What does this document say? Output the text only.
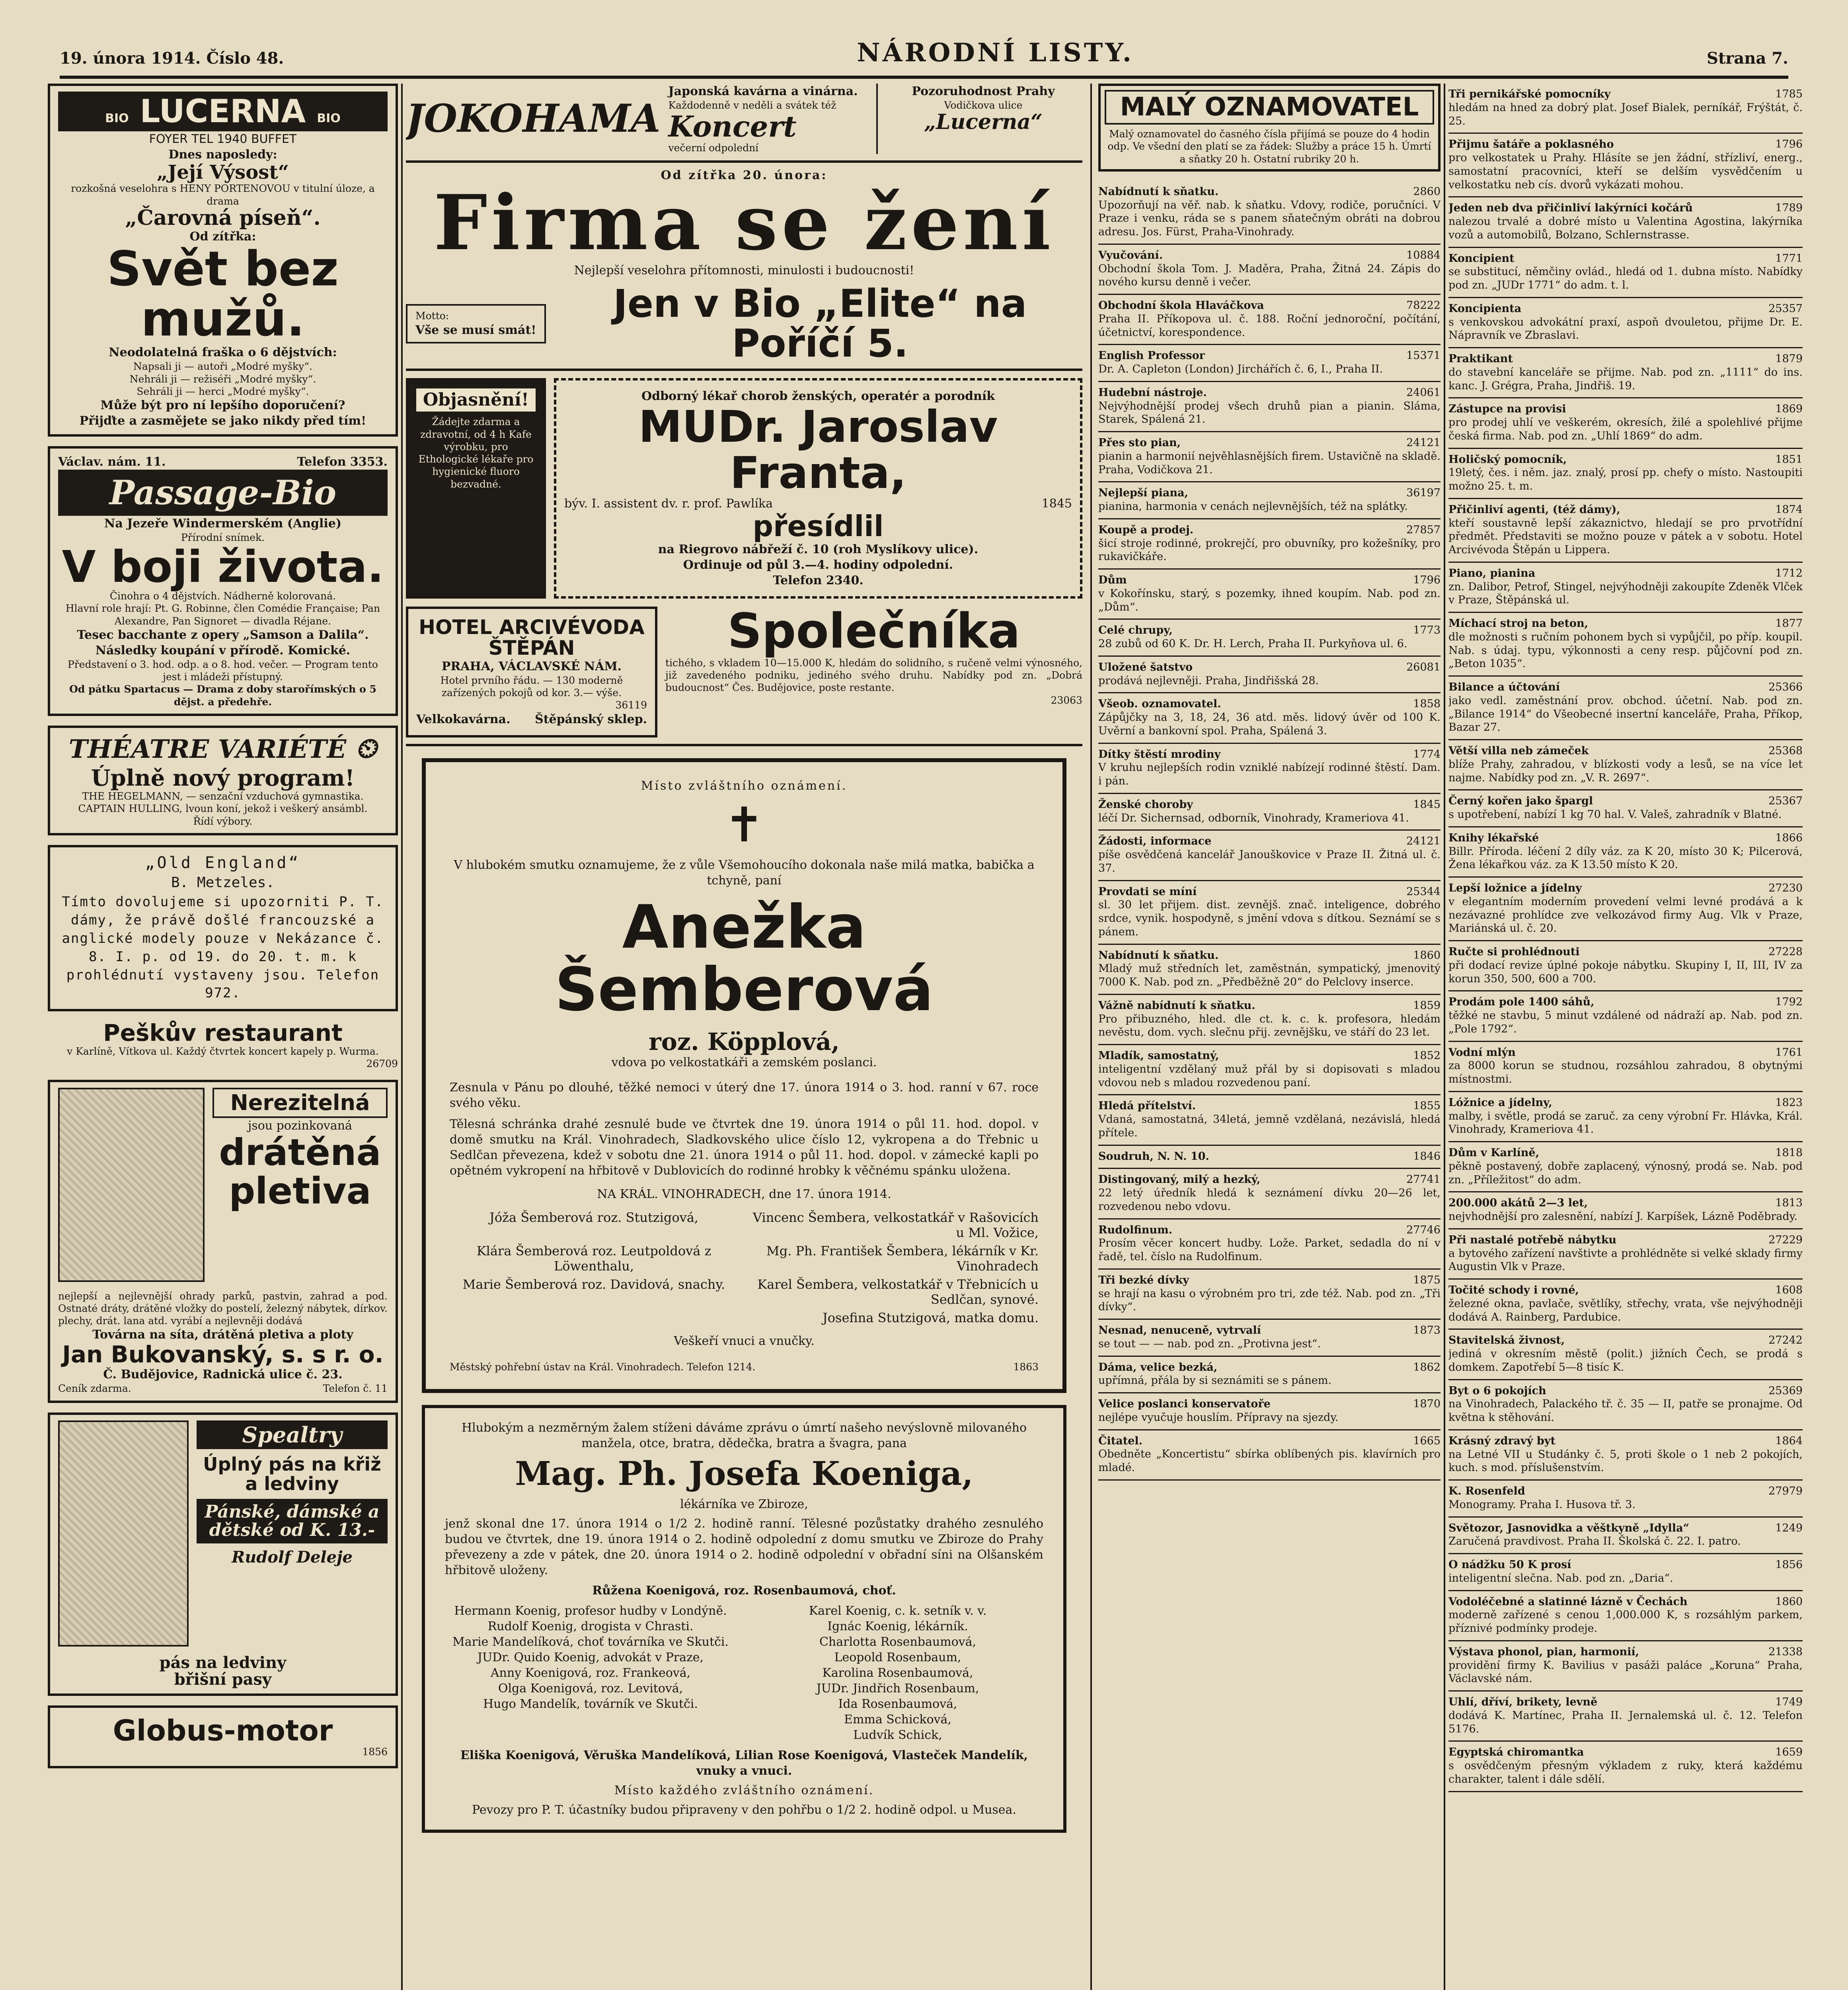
19. února 1914. Číslo 48.	NÁRODNÍ LISTY.	Strana 7.
BIO LUCERNA BIO
FOYER TEL 1940 BUFFET
Dnes naposledy:
„Její Výsost“
rozkošná veselohra s HENY PORTENOVOU v titulní úloze, a drama
„Čarovná píseň“.
Od zítřka:
Svět bez mužů.
Neodolatelná fraška o 6 dějstvích:
Napsali ji — autoři „Modré myšky“.
Nehráli ji — režiséři „Modré myšky“.
Sehráli ji — herci „Modré myšky“.
Může být pro ní lepšího doporučení?
Přijďte a zasmějete se jako nikdy před tím!
Václav. nám. 11.	Telefon 3353.
Passage-Bio
Na Jezeře Windermerském (Anglie)
Přírodní snímek.
V boji života.
Činohra o 4 dějstvích. Nádherně kolorovaná.
Hlavní role hrají: Pt. G. Robinne, člen Comédie Française; Pan Alexandre, Pan Signoret — divadla Réjane.
Tesec bacchante z opery „Samson a Dalila“.
Následky koupání v přírodě. Komické.
Představení o 3. hod. odp. a o 8. hod. večer. — Program tento jest i mládeži přístupný.
Od pátku Spartacus — Drama z doby starořímských o 5 dějst. a předehře.
THÉATRE VARIÉTÉ ⏲
Úplně nový program!
THE HEGELMANN, — senzační vzduchová gymnastika. CAPTAIN HULLING, lvoun koní, jekož i veškerý ansámbl.
Řídí výbory.
„Old England“
B. Metzeles.
Tímto dovolujeme si upozorniti P. T. dámy, že právě došlé francouzské a anglické modely pouze v Nekázance č. 8. I. p. od 19. do 20. t. m. k prohlédnutí vystaveny jsou. Telefon 972.
Peškův restaurant
v Karlíně, Vítkova ul. Každý čtvrtek koncert kapely p. Wurma.
26709
Nerezitelná
jsou pozinkovaná
drátěná pletiva
nejlepší a nejlevnější ohrady parků, pastvin, zahrad a pod. Ostnaté dráty, drátěné vložky do postelí, železný nábytek, dírkov. plechy, drát. lana atd. vyrábí a nejlevněji dodává
Továrna na síta, drátěná pletiva a ploty
Jan Bukovanský, s. s r. o.
Č. Budějovice, Radnická ulice č. 23.
Ceník zdarma.	Telefon č. 11
Spealtry
Úplný pás na křiž a ledviny
Pánské, dámské a dětské od K. 13.-
Rudolf Deleje
pás na ledviny
břišní pasy
Globus-motor
1856
JOKOHAMA
Japonská kavárna a vinárna.
Každodenně v neděli a svátek též
Koncert
večerní odpolední
Pozoruhodnost Prahy
Vodičkova ulice
„Lucerna“
Od zítřka 20. února:
Firma se žení
Nejlepší veselohra přítomnosti, minulosti i budoucnosti!
Motto:
Vše se musí smát!
Jen v Bio „Elite“ na Poříčí 5.
Objasnění!
Žádejte zdarma a zdravotní, od 4 h Kafe výrobku, pro Ethologické lékaře pro hygienické fluoro bezvadné.
Odborný lékař chorob ženských, operatér a porodník
MUDr. Jaroslav Franta,
býv. I. assistent dv. r. prof. Pawlíka	1845
přesídlil
na Riegrovo nábřeží č. 10 (roh Myslíkovy ulice).
Ordinuje od půl 3.—4. hodiny odpolední.
Telefon 2340.
HOTEL ARCIVÉVODA ŠTĚPÁN
PRAHA, VÁCLAVSKÉ NÁM.
Hotel prvního řádu. — 130 moderně zařízených pokojů od kor. 3.— výše.
36119
Velkokavárna. Štěpánský sklep.
Společníka
tichého, s vkladem 10—15.000 K, hledám do solidního, s ručeně velmi výnosného, již zavedeného podniku, jediného svého druhu. Nabídky pod zn. „Dobrá budoucnost“ Čes. Budějovice, poste restante.
23063
Místo zvláštního oznámení.
✝
V hlubokém smutku oznamujeme, že z vůle Všemohoucího dokonala naše milá matka, babička a tchyně, paní
Anežka Šemberová
roz. Köpplová,
vdova po velkostatkáři a zemském poslanci.
Zesnula v Pánu po dlouhé, těžké nemoci v úterý dne 17. února 1914 o 3. hod. ranní v 67. roce svého věku.
Tělesná schránka drahé zesnulé bude ve čtvrtek dne 19. února 1914 o půl 11. hod. dopol. v domě smutku na Král. Vinohradech, Sladkovského ulice číslo 12, vykropena a do Třebnic u Sedlčan převezena, kdež v sobotu dne 21. února 1914 o půl 11. hod. dopol. v zámecké kapli po opětném vykropení na hřbitově v Dublovicích do rodinné hrobky k věčnému spánku uložena.
NA KRÁL. VINOHRADECH, dne 17. února 1914.
Jóža Šemberová roz. Stutzigová,	Vincenc Šembera, velkostatkář v Rašovicích u Ml. Vožice,
Klára Šemberová roz. Leutpoldová z Löwenthalu,
Mg. Ph. František Šembera, lékárník v Kr. Vinohradech
Marie Šemberová roz. Davidová, snachy.	Karel Šembera, velkostatkář v Třebnicích u Sedlčan, synové.
Josefina Stutzigová, matka domu.
Veškeří vnuci a vnučky.
Městský pohřební ústav na Král. Vinohradech. Telefon 1214.	1863
Hlubokým a nezměrným žalem stíženi dáváme zprávu o úmrtí našeho nevýslovně milovaného manžela, otce, bratra, dědečka, bratra a švagra, pana
Mag. Ph. Josefa Koeniga,
lékárníka ve Zbiroze,
jenž skonal dne 17. února 1914 o 1/2 2. hodině ranní. Tělesné pozůstatky drahého zesnulého budou ve čtvrtek, dne 19. února 1914 o 2. hodině odpolední z domu smutku ve Zbiroze do Prahy převezeny a zde v pátek, dne 20. února 1914 o 2. hodině odpolední v obřadní síni na Olšanském hřbitově uloženy.
Růžena Koenigová, roz. Rosenbaumová, choť.
Hermann Koenig, profesor hudby v Londýně.
Rudolf Koenig, drogista v Chrasti.
Marie Mandelíková, choť továrníka ve Skutči.
JUDr. Quido Koenig, advokát v Praze,
Anny Koenigová, roz. Frankeová,
Olga Koenigová, roz. Levitová,
Hugo Mandelík, továrník ve Skutči.
Karel Koenig, c. k. setník v. v.
Ignác Koenig, lékárník.
Charlotta Rosenbaumová,
Leopold Rosenbaum,
Karolina Rosenbaumová,
JUDr. Jindřich Rosenbaum,
Ida Rosenbaumová,
Emma Schicková,
Ludvík Schick,
Eliška Koenigová, Věruška Mandelíková, Lilian Rose Koenigová, Vlasteček Mandelík, vnuky a vnuci.
Místo každého zvláštního oznámení.
Pevozy pro P. T. účastníky budou připraveny v den pohřbu o 1/2 2. hodině odpol. u Musea.
MALÝ OZNAMOVATEL
Malý oznamovatel do časného čísla přijímá se pouze do 4 hodin odp. Ve všední den platí se za řádek: Služby a práce 15 h. Úmrtí a sňatky 20 h. Ostatní rubriky 20 h.
Nabídnutí k sňatku.	2860
Upozorňují na věř. nab. k sňatku. Vdovy, rodiče, poručníci. V Praze i venku, ráda se s panem sňatečným obráti na dobrou adresu. Jos. Fürst, Praha-Vinohrady.
Vyučování.	10884
Obchodní škola Tom. J. Maděra, Praha, Žitná 24. Zápis do nového kursu denně i večer.
Obchodní škola Hlaváčkova	78222
Praha II. Příkopova ul. č. 188. Roční jednoroční, počítání, účetnictví, korespondence.
English Professor	15371
Dr. A. Capleton (London) Jirchářích č. 6, I., Praha II.
Hudební nástroje.	24061
Nejvýhodnější prodej všech druhů pian a pianin. Sláma, Starek, Spálená 21.
Přes sto pian,	24121
pianin a harmonií nejvěhlasnějších firem. Ustavičně na skladě. Praha, Vodičkova 21.
Nejlepší piana,	36197
pianina, harmonia v cenách nejlevnějších, též na splátky.
Koupě a prodej.	27857
šicí stroje rodinné, prokrejčí, pro obuvníky, pro kožešníky, pro rukavičkáře.
Dům	1796
v Kokořínsku, starý, s pozemky, ihned koupím. Nab. pod zn. „Dům“.
Celé chrupy,	1773
28 zubů od 60 K. Dr. H. Lerch, Praha II. Purkyňova ul. 6.
Uložené šatstvo	26081
prodává nejlevněji. Praha, Jindřišská 28.
Všeob. oznamovatel.	1858
Zápůjčky na 3, 18, 24, 36 atd. měs. lidový úvěr od 100 K. Uvěrní a bankovní spol. Praha, Spálená 3.
Dítky štěstí mrodiny	1774
V kruhu nejlepších rodin vzniklé nabízejí rodinné štěstí. Dam. i pán.
Ženské choroby	1845
léčí Dr. Sichernsad, odborník, Vinohrady, Krameriova 41.
Žádosti, informace	24121
píše osvědčená kancelář Janouškovice v Praze II. Žitná ul. č. 37.
Provdati se míní	25344
sl. 30 let přijem. dist. zevnějš. znač. inteligence, dobrého srdce, vynik. hospodyně, s jmění vdova s dítkou. Seznámí se s pánem.
Nabídnutí k sňatku.	1860
Mladý muž středních let, zaměstnán, sympatický, jmenovitý 7000 K. Nab. pod zn. „Předběžně 20“ do Pelclovy inserce.
Vážně nabídnutí k sňatku.	1859
Pro přibuzného, hled. dle ct. k. c. k. profesora, hledám nevěstu, dom. vych. slečnu přij. zevnějšku, ve stáří do 23 let.
Mladík, samostatný,	1852
inteligentní vzdělaný muž přál by si dopisovati s mladou vdovou neb s mladou rozvedenou paní.
Hledá přítelství.	1855
Vdaná, samostatná, 34letá, jemně vzdělaná, nezávislá, hledá přítele.
Soudruh, N. N. 10.	1846
Distingovaný, milý a hezký,	27741
22 letý úředník hledá k seznámení dívku 20—26 let, rozvedenou nebo vdovu.
Rudolfinum.	27746
Prosím věcer koncert hudby. Lože. Parket, sedadla do ní v řadě, tel. číslo na Rudolfinum.
Tři bezké dívky	1875
se hrají na kasu o výrobném pro tri, zde též. Nab. pod zn. „Tři dívky“.
Nesnad, nenuceně, vytrvalí	1873
se tout — — nab. pod zn. „Protivna jest“.
Dáma, velice bezká,	1862
upřímná, přála by si seznámiti se s pánem.
Velice poslanci konservatoře	1870
nejlépe vyučuje houslím. Přípravy na sjezdy.
Čitatel.	1665
Obedněte „Koncertistu“ sbírka oblíbených pis. klavírních pro mladé.
Tři pernikářské pomocníky	1785
hledám na hned za dobrý plat. Josef Bialek, perníkář, Frýštát, č. 25.
Přijmu šatáře a poklasného	1796
pro velkostatek u Prahy. Hlásíte se jen žádní, střízliví, energ., samostatní pracovníci, kteří se delším vysvědčením u velkostatku neb cís. dvorů vykázati mohou.
Jeden neb dva přičinliví lakýrníci kočárů	1789
nalezou trvalé a dobré místo u Valentina Agostina, lakýrníka vozů a automobilů, Bolzano, Schlernstrasse.
Koncipient	1771
se substitucí, němčiny ovlád., hledá od 1. dubna místo. Nabídky pod zn. „JUDr 1771“ do adm. t. l.
Koncipienta	25357
s venkovskou advokátní praxí, aspoň dvouletou, přijme Dr. E. Nápravník ve Zbraslavi.
Praktikant	1879
do stavební kanceláře se přijme. Nab. pod zn. „1111“ do ins. kanc. J. Grégra, Praha, Jindřiš. 19.
Zástupce na provisi	1869
pro prodej uhlí ve veškerém, okresích, žilé a spolehlivé přijme česká firma. Nab. pod zn. „Uhlí 1869“ do adm.
Holičský pomocník,	1851
19letý, čes. i něm. jaz. znalý, prosí pp. chefy o místo. Nastoupiti možno 25. t. m.
Přičinliví agenti, (též dámy),	1874
kteří soustavně lepší zákaznictvo, hledají se pro prvotřídní předmět. Představiti se možno pouze v pátek a v sobotu. Hotel Arcivévoda Štěpán u Lippera.
Piano, pianina	1712
zn. Dalibor, Petrof, Stingel, nejvýhodněji zakoupíte Zdeněk Vlček v Praze, Štěpánská ul.
Míchací stroj na beton,	1877
dle možnosti s ručním pohonem bych si vypůjčil, po příp. koupil. Nab. s údaj. typu, výkonnosti a ceny resp. půjčovní pod zn. „Beton 1035“.
Bilance a účtování	25366
jako vedl. zaměstnání prov. obchod. účetní. Nab. pod zn. „Bilance 1914“ do Všeobecné insertní kanceláře, Praha, Příkop, Bazar 27.
Větší villa neb zámeček	25368
blíže Prahy, zahradou, v blízkosti vody a lesů, se na více let najme. Nabídky pod zn. „V. R. 2697“.
Černý kořen jako špargl	25367
s upotřebení, nabízí 1 kg 70 hal. V. Valeš, zahradník v Blatné.
Knihy lékařské	1866
Billr. Příroda. léčení 2 díly váz. za K 20, místo 30 K; Pilcerová, Žena lékařkou váz. za K 13.50 místo K 20.
Lepší ložnice a jídelny	27230
v elegantním moderním provedení velmi levné prodává a k nezávazné prohlídce zve velkozávod firmy Aug. Vlk v Praze, Mariánská ul. č. 20.
Ručte si prohlédnouti	27228
při dodací revize úplné pokoje nábytku. Skupiny I, II, III, IV za korun 350, 500, 600 a 700.
Prodám pole 1400 sáhů,	1792
těžké ne stavbu, 5 minut vzdálené od nádraží ap. Nab. pod zn. „Pole 1792“.
Vodní mlýn	1761
za 8000 korun se studnou, rozsáhlou zahradou, 8 obytnými místnostmi.
Lóžnice a jídelny,	1823
malby, i světle, prodá se zaruč. za ceny výrobní Fr. Hlávka, Král. Vinohrady, Krameriova 41.
Dům v Karlíně,	1818
pěkně postavený, dobře zaplacený, výnosný, prodá se. Nab. pod zn. „Příležitost“ do adm.
200.000 akátů 2—3 let,	1813
nejvhodnější pro zalesnění, nabízí J. Karpíšek, Lázně Poděbrady.
Při nastalé potřebě nábytku	27229
a bytového zařízení navštivte a prohlédněte si velké sklady firmy Augustin Vlk v Praze.
Točité schody i rovné,	1608
železné okna, pavlače, světlíky, střechy, vrata, vše nejvýhodněji dodává A. Rainberg, Pardubice.
Stavitelská živnost,	27242
jediná v okresním městě (polit.) jižních Čech, se prodá s domkem. Zapotřebí 5—8 tisíc K.
Byt o 6 pokojích	25369
na Vinohradech, Palackého tř. č. 35 — II, patře se pronajme. Od května k stěhování.
Krásný zdravý byt	1864
na Letné VII u Studánky č. 5, proti škole o 1 neb 2 pokojích, kuch. s mod. příslušenstvím.
K. Rosenfeld	27979
Monogramy. Praha I. Husova tř. 3.
Světozor, Jasnovidka a věštkyně „Idylla“	1249
Zaručená pravdivost. Praha II. Školská č. 22. I. patro.
O nádžku 50 K prosí	1856
inteligentní slečna. Nab. pod zn. „Daria“.
Vodoléčebné a slatinné lázně v Čechách	1860
moderně zařízené s cenou 1,000.000 K, s rozsáhlým parkem, příznivé podmínky prodeje.
Výstava phonol, pian, harmonií,	21338
providění firmy K. Bavilius v pasáži paláce „Koruna“ Praha, Václavské nám.
Uhlí, dříví, brikety, levně	1749
dodává K. Martínec, Praha II. Jernalemská ul. č. 12. Telefon 5176.
Egyptská chiromantka	1659
s osvědčeným přesným výkladem z ruky, která každému charakter, talent i dále sdělí.
